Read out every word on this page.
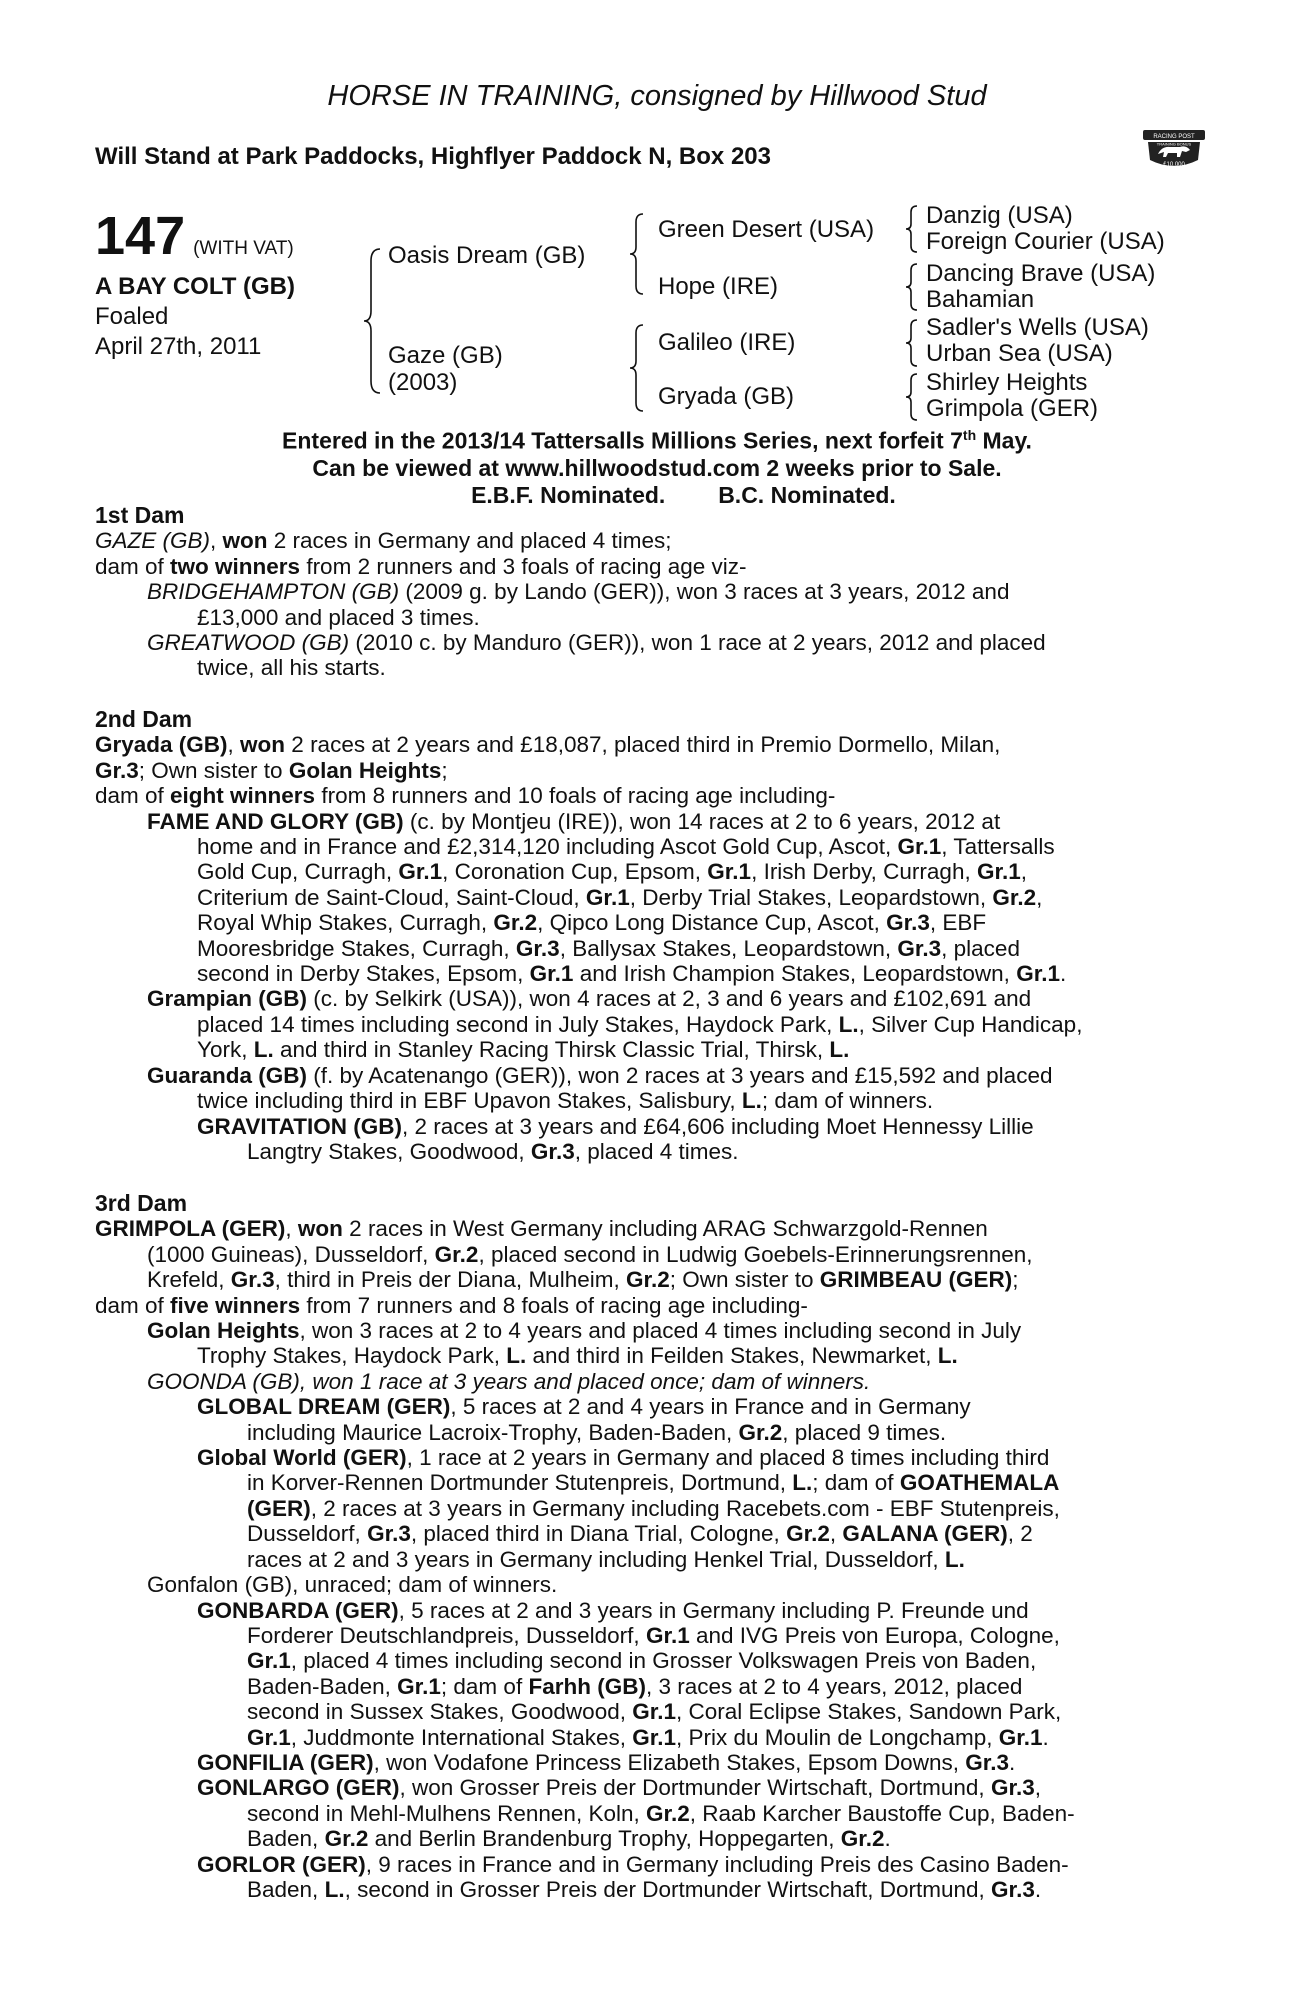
HORSE IN TRAINING, consigned by Hillwood Stud
Will Stand at Park Paddocks, Highflyer Paddock N, Box 203
RACING POST
TRAINING BONUS
£10,000
147 (WITH VAT)
A BAY COLT (GB)
Foaled
April 27th, 2011
Oasis Dream (GB)
Gaze (GB)
(2003)
Green Desert (USA)
Hope (IRE)
Galileo (IRE)
Gryada (GB)
Danzig (USA)
Foreign Courier (USA)
Dancing Brave (USA)
Bahamian
Sadler's Wells (USA)
Urban Sea (USA)
Shirley Heights
Grimpola (GER)
Entered in the 2013/14 Tattersalls Millions Series, next forfeit 7th May.
Can be viewed at www.hillwoodstud.com 2 weeks prior to Sale.
E.B.F. Nominated. B.C. Nominated.
1st Dam
GAZE (GB), won 2 races in Germany and placed 4 times;
dam of two winners from 2 runners and 3 foals of racing age viz-
BRIDGEHAMPTON (GB) (2009 g. by Lando (GER)), won 3 races at 3 years, 2012 and
£13,000 and placed 3 times.
GREATWOOD (GB) (2010 c. by Manduro (GER)), won 1 race at 2 years, 2012 and placed
twice, all his starts.
2nd Dam
Gryada (GB), won 2 races at 2 years and £18,087, placed third in Premio Dormello, Milan,
Gr.3; Own sister to Golan Heights;
dam of eight winners from 8 runners and 10 foals of racing age including-
FAME AND GLORY (GB) (c. by Montjeu (IRE)), won 14 races at 2 to 6 years, 2012 at
home and in France and £2,314,120 including Ascot Gold Cup, Ascot, Gr.1, Tattersalls
Gold Cup, Curragh, Gr.1, Coronation Cup, Epsom, Gr.1, Irish Derby, Curragh, Gr.1,
Criterium de Saint-Cloud, Saint-Cloud, Gr.1, Derby Trial Stakes, Leopardstown, Gr.2,
Royal Whip Stakes, Curragh, Gr.2, Qipco Long Distance Cup, Ascot, Gr.3, EBF
Mooresbridge Stakes, Curragh, Gr.3, Ballysax Stakes, Leopardstown, Gr.3, placed
second in Derby Stakes, Epsom, Gr.1 and Irish Champion Stakes, Leopardstown, Gr.1.
Grampian (GB) (c. by Selkirk (USA)), won 4 races at 2, 3 and 6 years and £102,691 and
placed 14 times including second in July Stakes, Haydock Park, L., Silver Cup Handicap,
York, L. and third in Stanley Racing Thirsk Classic Trial, Thirsk, L.
Guaranda (GB) (f. by Acatenango (GER)), won 2 races at 3 years and £15,592 and placed
twice including third in EBF Upavon Stakes, Salisbury, L.; dam of winners.
GRAVITATION (GB), 2 races at 3 years and £64,606 including Moet Hennessy Lillie
Langtry Stakes, Goodwood, Gr.3, placed 4 times.
3rd Dam
GRIMPOLA (GER), won 2 races in West Germany including ARAG Schwarzgold-Rennen
(1000 Guineas), Dusseldorf, Gr.2, placed second in Ludwig Goebels-Erinnerungsrennen,
Krefeld, Gr.3, third in Preis der Diana, Mulheim, Gr.2; Own sister to GRIMBEAU (GER);
dam of five winners from 7 runners and 8 foals of racing age including-
Golan Heights, won 3 races at 2 to 4 years and placed 4 times including second in July
Trophy Stakes, Haydock Park, L. and third in Feilden Stakes, Newmarket, L.
GOONDA (GB), won 1 race at 3 years and placed once; dam of winners.
GLOBAL DREAM (GER), 5 races at 2 and 4 years in France and in Germany
including Maurice Lacroix-Trophy, Baden-Baden, Gr.2, placed 9 times.
Global World (GER), 1 race at 2 years in Germany and placed 8 times including third
in Korver-Rennen Dortmunder Stutenpreis, Dortmund, L.; dam of GOATHEMALA
(GER), 2 races at 3 years in Germany including Racebets.com - EBF Stutenpreis,
Dusseldorf, Gr.3, placed third in Diana Trial, Cologne, Gr.2, GALANA (GER), 2
races at 2 and 3 years in Germany including Henkel Trial, Dusseldorf, L.
Gonfalon (GB), unraced; dam of winners.
GONBARDA (GER), 5 races at 2 and 3 years in Germany including P. Freunde und
Forderer Deutschlandpreis, Dusseldorf, Gr.1 and IVG Preis von Europa, Cologne,
Gr.1, placed 4 times including second in Grosser Volkswagen Preis von Baden,
Baden-Baden, Gr.1; dam of Farhh (GB), 3 races at 2 to 4 years, 2012, placed
second in Sussex Stakes, Goodwood, Gr.1, Coral Eclipse Stakes, Sandown Park,
Gr.1, Juddmonte International Stakes, Gr.1, Prix du Moulin de Longchamp, Gr.1.
GONFILIA (GER), won Vodafone Princess Elizabeth Stakes, Epsom Downs, Gr.3.
GONLARGO (GER), won Grosser Preis der Dortmunder Wirtschaft, Dortmund, Gr.3,
second in Mehl-Mulhens Rennen, Koln, Gr.2, Raab Karcher Baustoffe Cup, Baden-
Baden, Gr.2 and Berlin Brandenburg Trophy, Hoppegarten, Gr.2.
GORLOR (GER), 9 races in France and in Germany including Preis des Casino Baden-
Baden, L., second in Grosser Preis der Dortmunder Wirtschaft, Dortmund, Gr.3.
